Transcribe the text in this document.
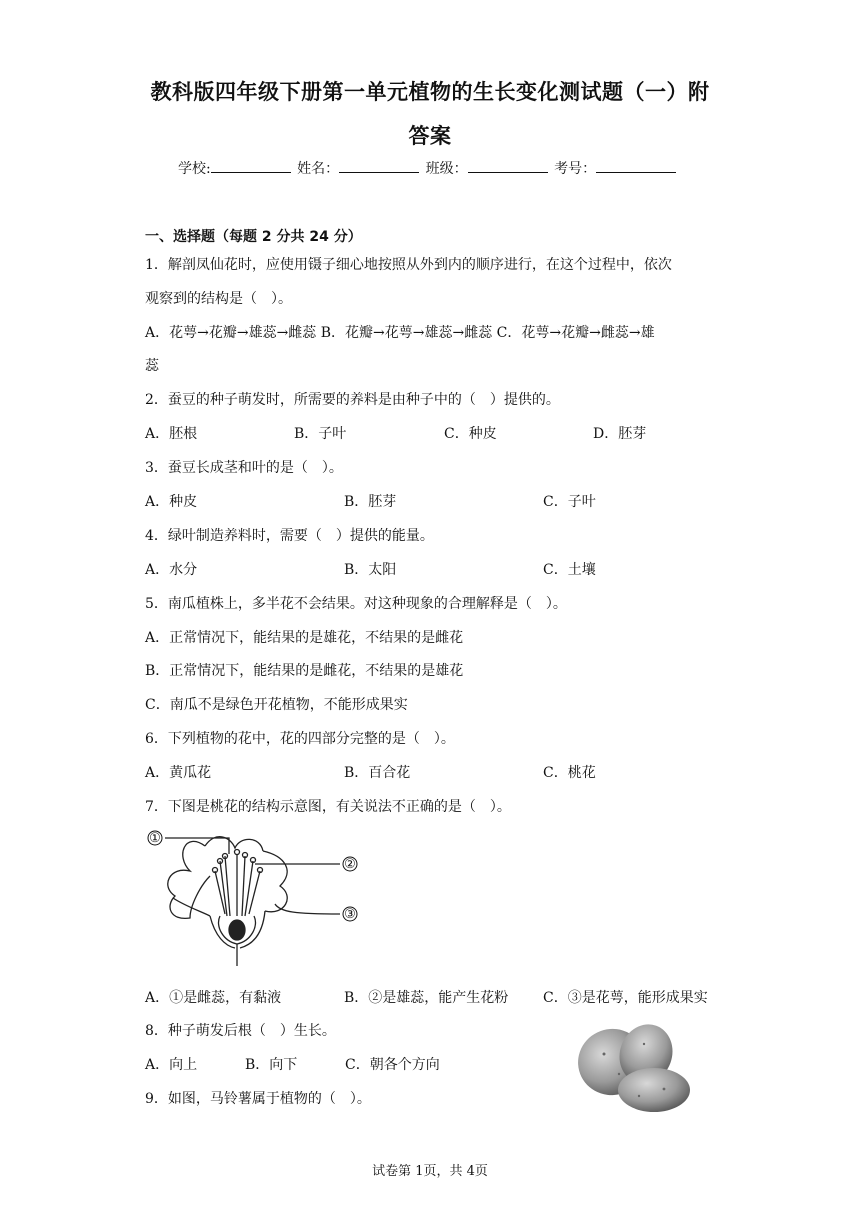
教科版四年级下册第一单元植物的生长变化测试题（一）附
答案
学校:	姓名：	班级：	考号：
一、选择题（每题 2 分共 24 分）
1．解剖凤仙花时，应使用镊子细心地按照从外到内的顺序进行，在这个过程中，依次
观察到的结构是（　）。
A．花萼→花瓣→雄蕊→雌蕊 B．花瓣→花萼→雄蕊→雌蕊 C．花萼→花瓣→雌蕊→雄
蕊
2．蚕豆的种子萌发时，所需要的养料是由种子中的（　）提供的。
A．胚根	B．子叶	C．种皮	D．胚芽
3．蚕豆长成茎和叶的是（　）。
A．种皮	B．胚芽	C．子叶
4．绿叶制造养料时，需要（　）提供的能量。
A．水分	B．太阳	C．土壤
5．南瓜植株上，多半花不会结果。对这种现象的合理解释是（　）。
A．正常情况下，能结果的是雄花，不结果的是雌花
B．正常情况下，能结果的是雌花，不结果的是雄花
C．南瓜不是绿色开花植物，不能形成果实
6．下列植物的花中，花的四部分完整的是（　）。
A．黄瓜花	B．百合花	C．桃花
7．下图是桃花的结构示意图，有关说法不正确的是（　）。
①
②
③
A．①是雌蕊，有黏液	B．②是雄蕊，能产生花粉 C．③是花萼，能形成果实
8．种子萌发后根（　）生长。
A．向上	B．向下	C．朝各个方向
9．如图，马铃薯属于植物的（　）。
试卷第 1页，共 4页
